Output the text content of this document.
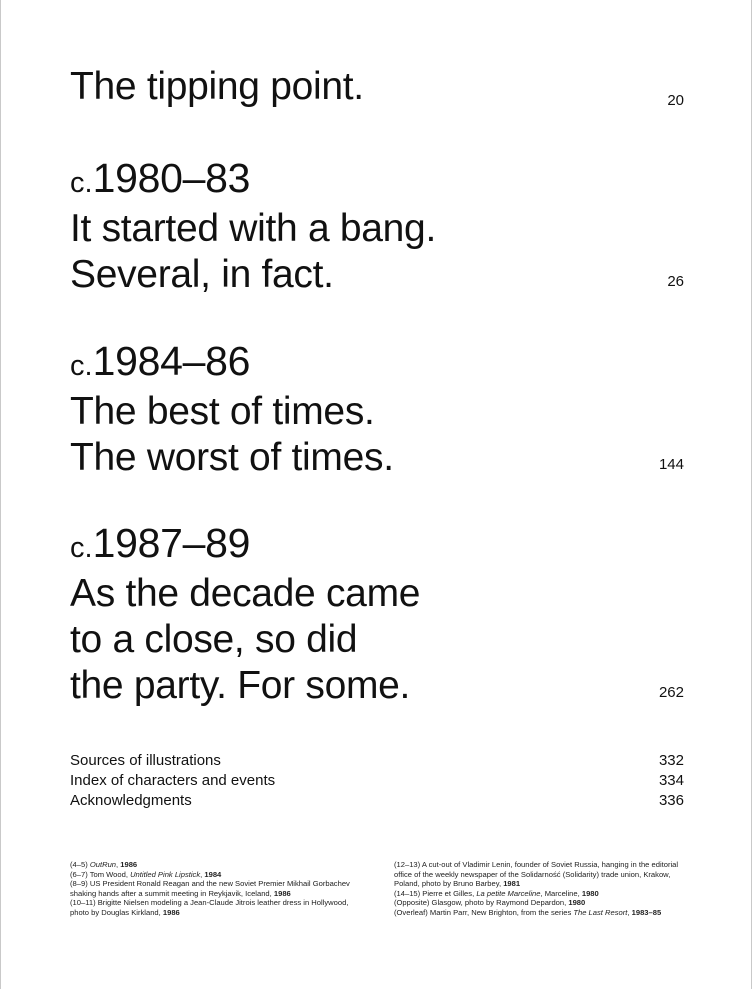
The tipping point.	20
c.1980–83
It started with a bang.
Several, in fact.	26
c.1984–86
The best of times.
The worst of times.	144
c.1987–89
As the decade came
to a close, so did
the party. For some.	262
Sources of illustrations	332
Index of characters and events	334
Acknowledgments	336
(4–5) OutRun, 1986
(6–7) Tom Wood, Untitled Pink Lipstick, 1984
(8–9) US President Ronald Reagan and the new Soviet Premier Mikhail Gorbachev
shaking hands after a summit meeting in Reykjavik, Iceland, 1986
(10–11) Brigitte Nielsen modeling a Jean-Claude Jitrois leather dress in Hollywood,
photo by Douglas Kirkland, 1986
(12–13) A cut-out of Vladimir Lenin, founder of Soviet Russia, hanging in the editorial
office of the weekly newspaper of the Solidarność (Solidarity) trade union, Krakow,
Poland, photo by Bruno Barbey, 1981
(14–15) Pierre et Gilles, La petite Marceline, Marceline, 1980
(Opposite) Glasgow, photo by Raymond Depardon, 1980
(Overleaf) Martin Parr, New Brighton, from the series The Last Resort, 1983–85
